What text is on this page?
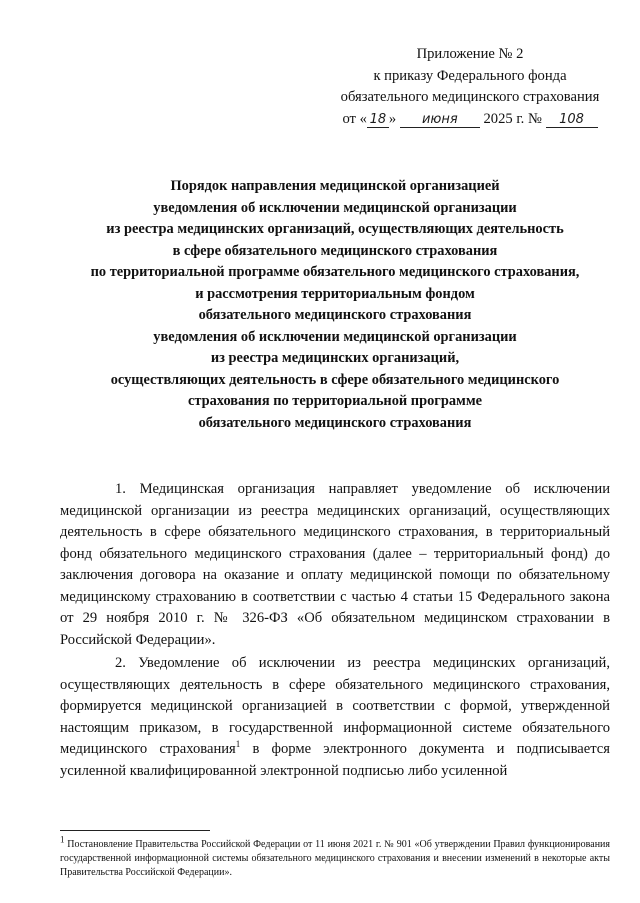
Приложение № 2
к приказу Федерального фонда
обязательного медицинского страхования
от « 18 » июня 2025 г. № 108
Порядок направления медицинской организацией
уведомления об исключении медицинской организации
из реестра медицинских организаций, осуществляющих деятельность
в сфере обязательного медицинского страхования
по территориальной программе обязательного медицинского страхования,
и рассмотрения территориальным фондом
обязательного медицинского страхования
уведомления об исключении медицинской организации
из реестра медицинских организаций,
осуществляющих деятельность в сфере обязательного медицинского
страхования по территориальной программе
обязательного медицинского страхования

1. Медицинская организация направляет уведомление об исключении медицинской организации из реестра медицинских организаций, осуществляющих деятельность в сфере обязательного медицинского страхования, в территориальный фонд обязательного медицинского страхования (далее – территориальный фонд) до заключения договора на оказание и оплату медицинской помощи по обязательному медицинскому страхованию в соответствии с частью 4 статьи 15 Федерального закона от 29 ноября 2010 г. № 326-ФЗ «Об обязательном медицинском страховании в Российской Федерации».

2. Уведомление об исключении из реестра медицинских организаций, осуществляющих деятельность в сфере обязательного медицинского страхования, формируется медицинской организацией в соответствии с формой, утвержденной настоящим приказом, в государственной информационной системе обязательного медицинского страхования$^1$ в форме электронного документа и подписывается усиленной квалифицированной электронной подписью либо усиленной

$^1$ Постановление Правительства Российской Федерации от 11 июня 2021 г. № 901 «Об утверждении Правил функционирования государственной информационной системы обязательного медицинского страхования и внесении изменений в некоторые акты Правительства Российской Федерации».
